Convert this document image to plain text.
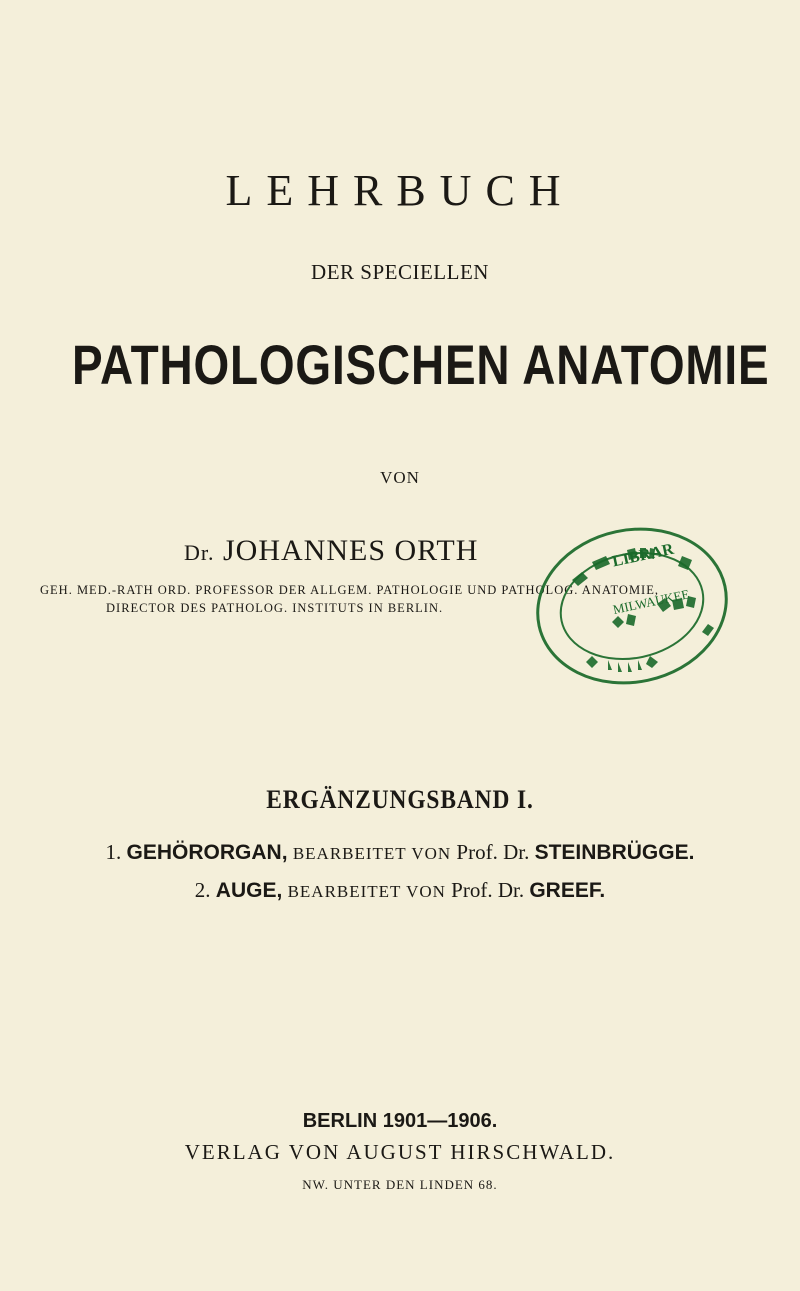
LEHRBUCH
DER SPECIELLEN
PATHOLOGISCHEN ANATOMIE
VON
Dr. JOHANNES ORTH
GEH. MED.-RATH ORD. PROFESSOR DER ALLGEM. PATHOLOGIE UND PATHOLOG. ANATOMIE,
DIRECTOR DES PATHOLOG. INSTITUTS IN BERLIN.
LIBRAR
MILWAUKEE
ERGÄNZUNGSBAND I.
1. GEHÖRORGAN, BEARBEITET VON Prof. Dr. STEINBRÜGGE.
2. AUGE, BEARBEITET VON Prof. Dr. GREEF.
BERLIN 1901—1906.
VERLAG VON AUGUST HIRSCHWALD.
NW. UNTER DEN LINDEN 68.
